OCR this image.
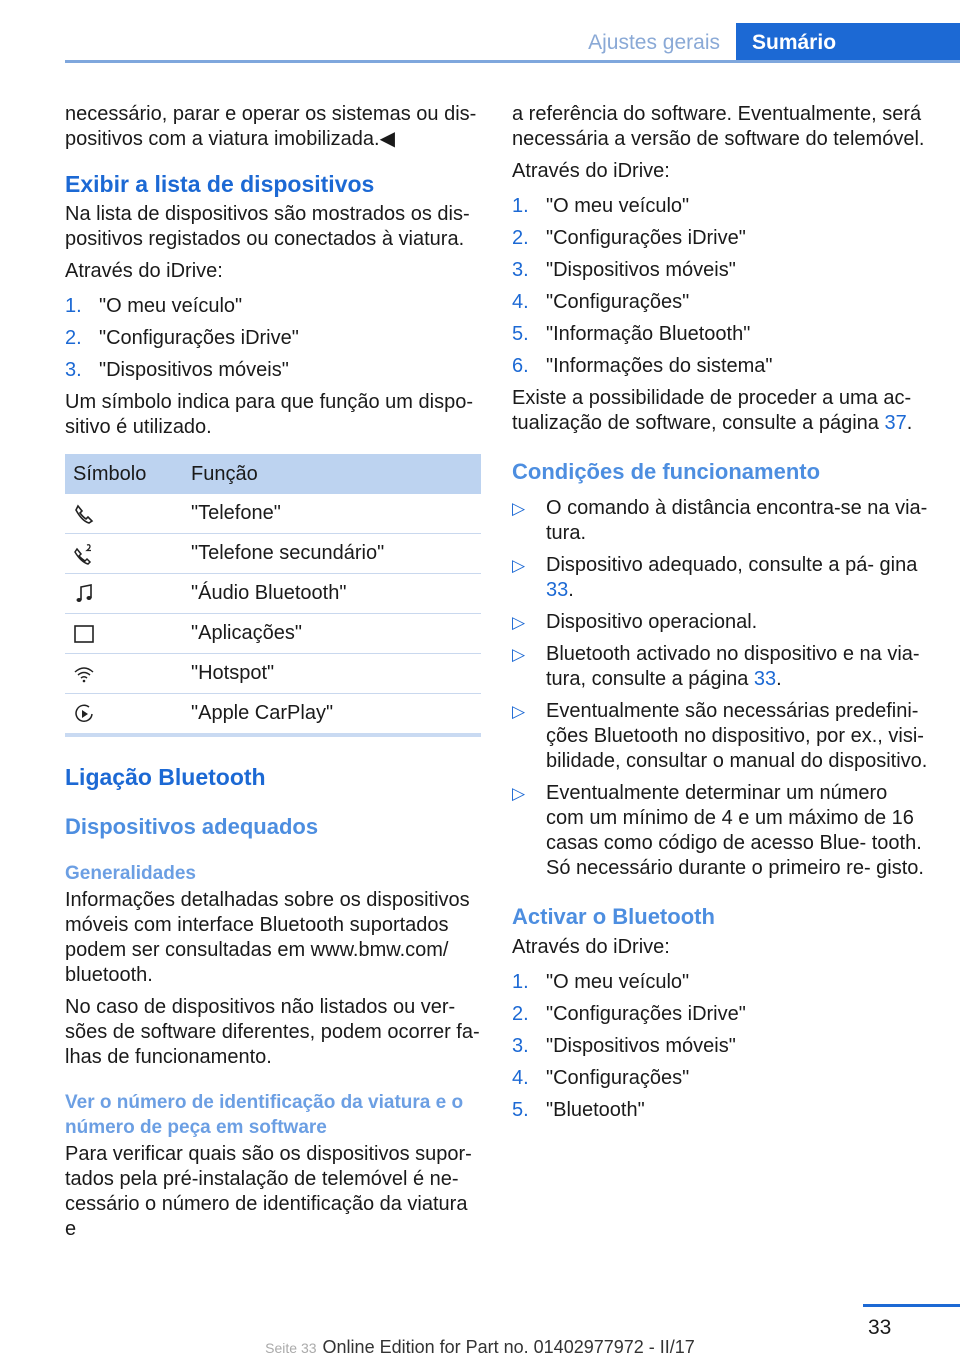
Ajustes gerais	Sumário

necessário, parar e operar os sistemas ou dis‐ positivos com a viatura imobilizada.◀

Exibir a lista de dispositivos

Na lista de dispositivos são mostrados os dis‐ positivos registados ou conectados à viatura.

Através do iDrive:

1. "O meu veículo"
2. "Configurações iDrive"
3. "Dispositivos móveis"

Um símbolo indica para que função um dispo‐ sitivo é utilizado.

Símbolo	Função
	"Telefone"
	"Telefone secundário"
	"Áudio Bluetooth"
	"Aplicações"
	"Hotspot"
	"Apple CarPlay"
Ligação Bluetooth
Dispositivos adequados
Generalidades

Informações detalhadas sobre os dispositivos móveis com interface Bluetooth suportados podem ser consultadas em www.bmw.com/ bluetooth.

No caso de dispositivos não listados ou ver‐ sões de software diferentes, podem ocorrer fa‐ lhas de funcionamento.

Ver o número de identificação da viatura e o número de peça em software

Para verificar quais são os dispositivos supor‐ tados pela pré-instalação de telemóvel é ne‐ cessário o número de identificação da viatura e

a referência do software. Eventualmente, será necessária a versão de software do telemóvel.

Através do iDrive:

1. "O meu veículo"
2. "Configurações iDrive"
3. "Dispositivos móveis"
4. "Configurações"
5. "Informação Bluetooth"
6. "Informações do sistema"

Existe a possibilidade de proceder a uma ac‐ tualização de software, consulte a página 37.

Condições de funcionamento
▷ O comando à distância encontra-se na via‐ tura.
▷ Dispositivo adequado, consulte a pá‐ gina 33.
▷ Dispositivo operacional.
▷ Bluetooth activado no dispositivo e na via‐ tura, consulte a página 33.
▷ Eventualmente são necessárias predefini‐ ções Bluetooth no dispositivo, por ex., visi‐ bilidade, consultar o manual do dispositivo.
▷ Eventualmente determinar um número com um mínimo de 4 e um máximo de 16 casas como código de acesso Blue‐ tooth. Só necessário durante o primeiro re‐ gisto.
Activar o Bluetooth

Através do iDrive:

1. "O meu veículo"
2. "Configurações iDrive"
3. "Dispositivos móveis"
4. "Configurações"
5. "Bluetooth"
33
Seite 33 Online Edition for Part no. 01402977972 - II/17
